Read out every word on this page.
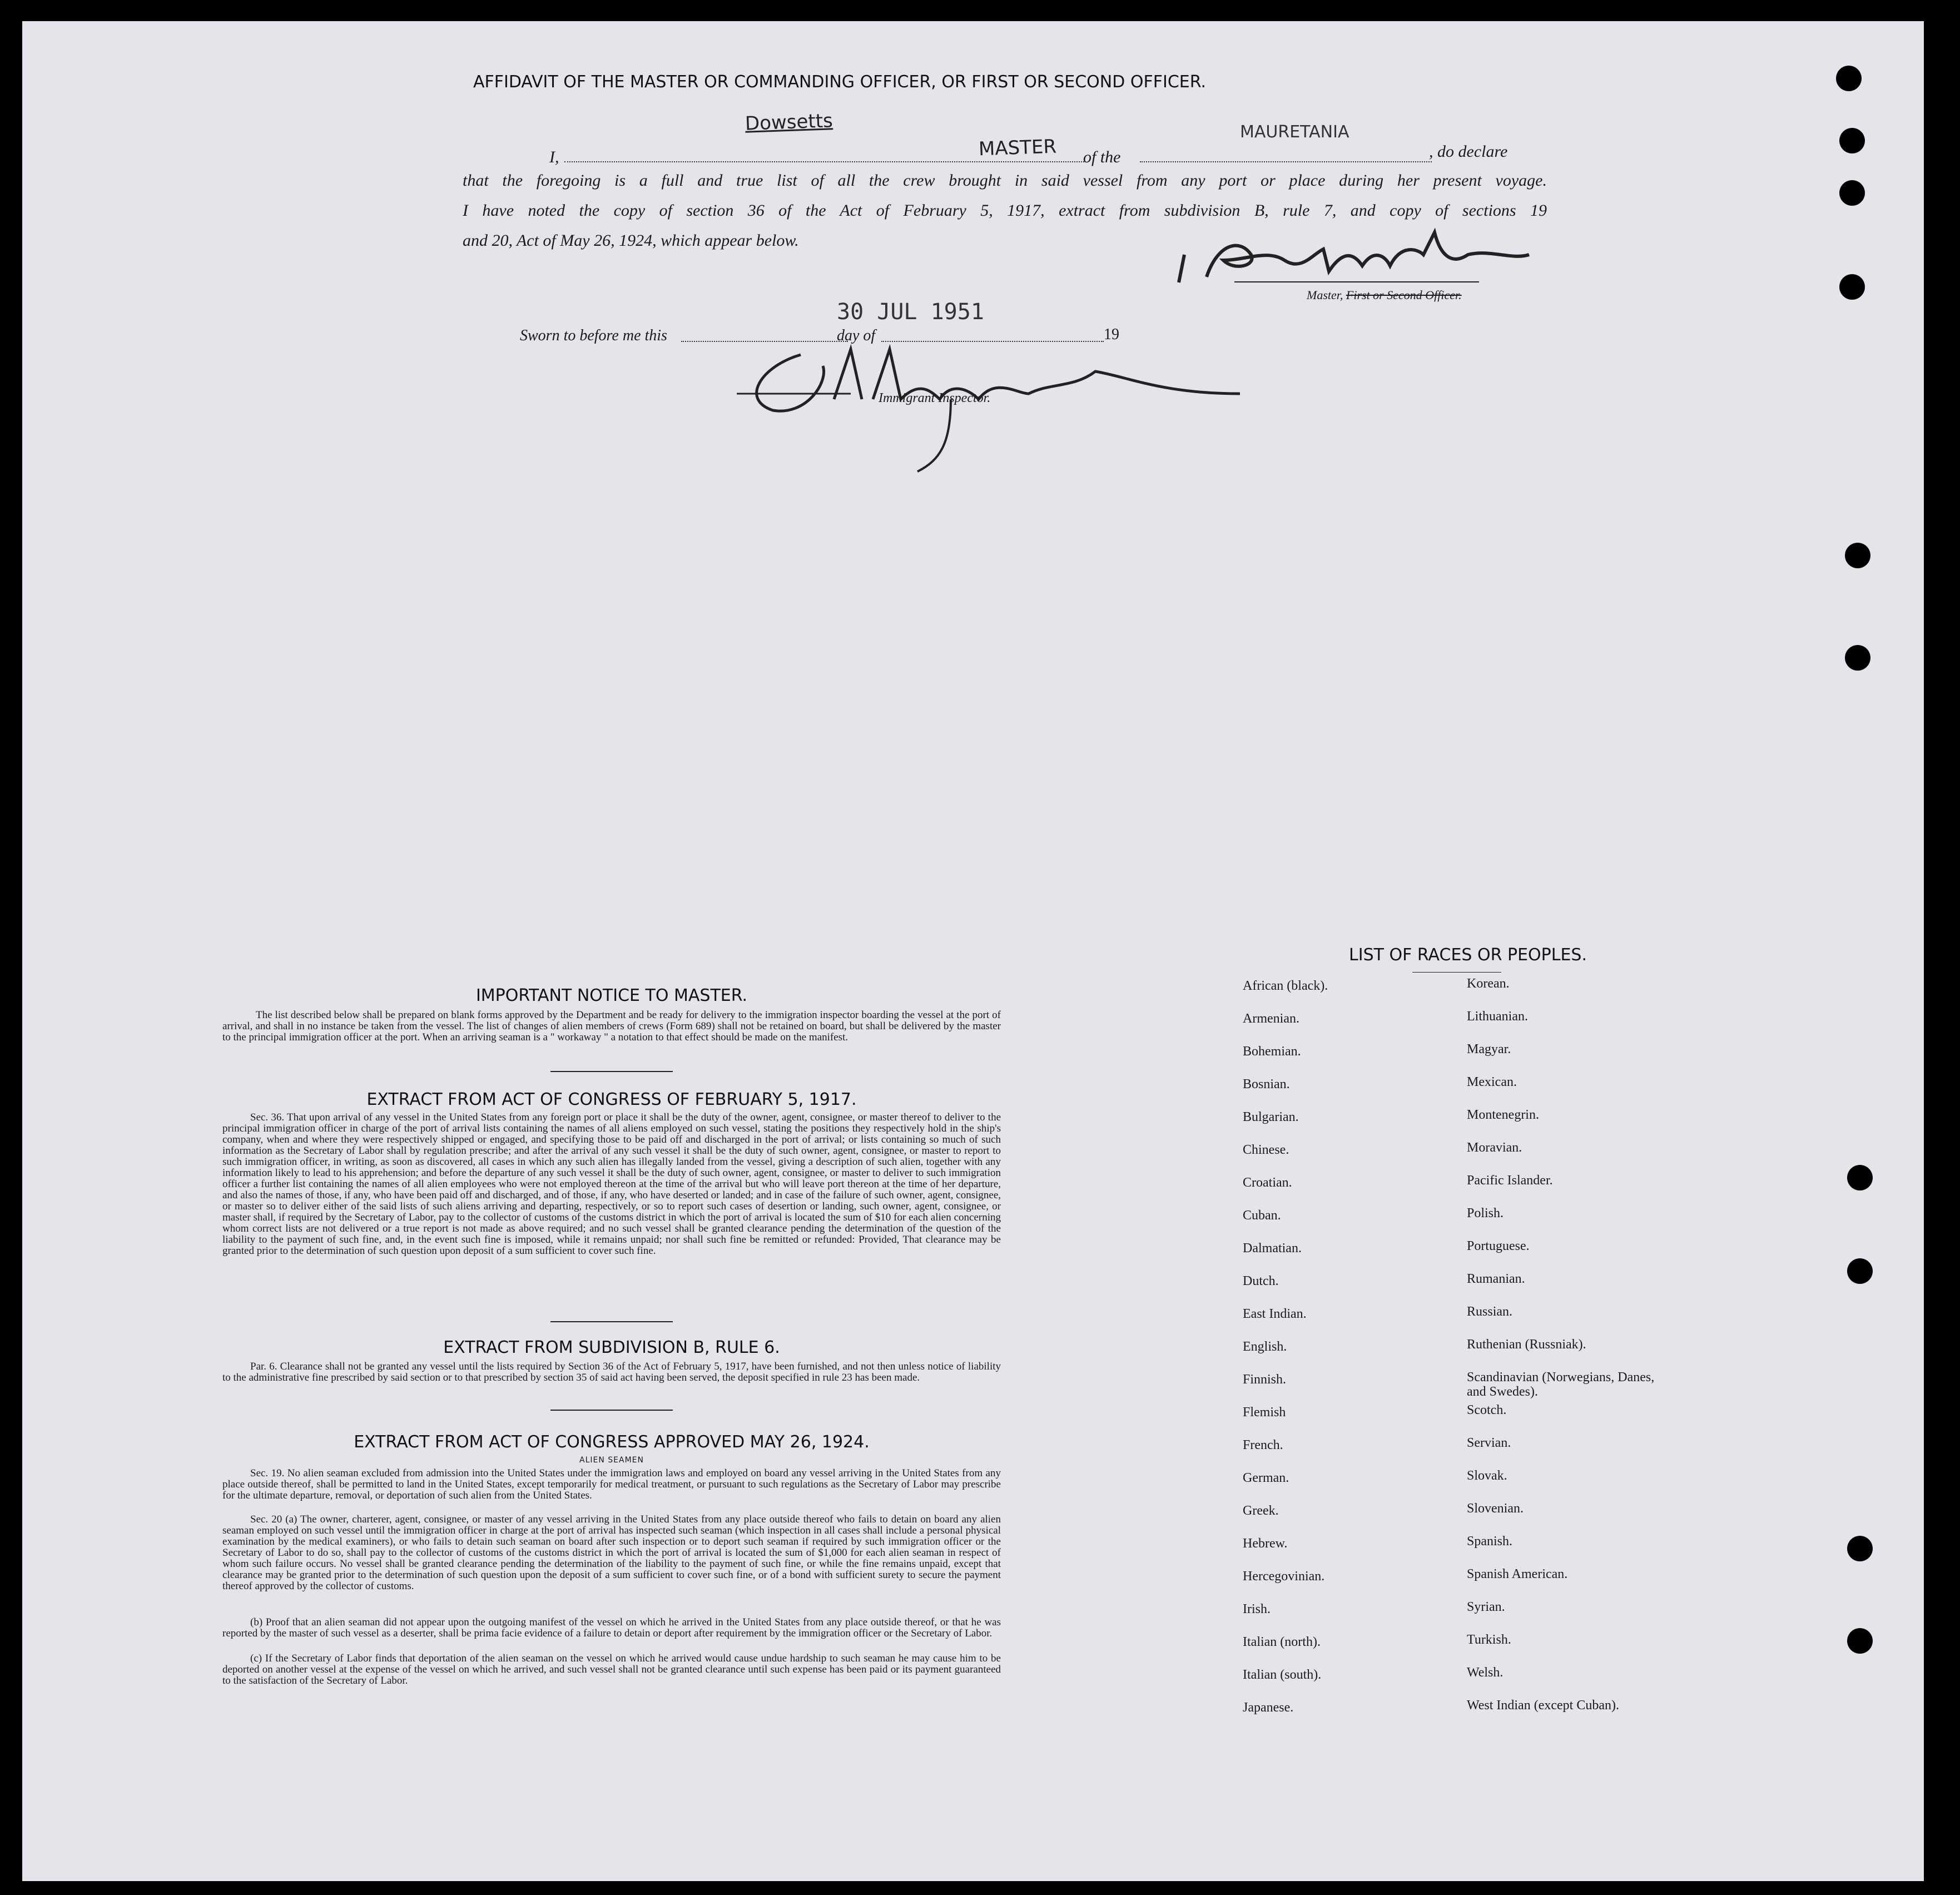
AFFIDAVIT OF THE MASTER OR COMMANDING OFFICER, OR FIRST OR SECOND OFFICER.
I,
Dowsetts
MASTER of the
MAURETANIA
, do declare
that the foregoing is a full and true list of all the crew brought in said vessel from any port or place during her present voyage.
I have noted the copy of section 36 of the Act of February 5, 1917, extract from subdivision B, rule 7, and copy of sections 19
and 20, Act of May 26, 1924, which appear below.
Master, First or Second Officer.
Sworn to before me this
30 JUL 1951
day of	19
Immigrant Inspector.
IMPORTANT NOTICE TO MASTER.
The list described below shall be prepared on blank forms approved by the Department and be ready for delivery to the immigration inspector boarding the vessel at the port of arrival, and shall in no instance be taken from the vessel. The list of changes of alien members of crews (Form 689) shall not be retained on board, but shall be delivered by the master to the principal immigration officer at the port. When an arriving seaman is a " workaway " a notation to that effect should be made on the manifest.
EXTRACT FROM ACT OF CONGRESS OF FEBRUARY 5, 1917.
Sec. 36. That upon arrival of any vessel in the United States from any foreign port or place it shall be the duty of the owner, agent, consignee, or master thereof to deliver to the principal immigration officer in charge of the port of arrival lists containing the names of all aliens employed on such vessel, stating the positions they respectively hold in the ship's company, when and where they were respectively shipped or engaged, and specifying those to be paid off and discharged in the port of arrival; or lists containing so much of such information as the Secretary of Labor shall by regulation prescribe; and after the arrival of any such vessel it shall be the duty of such owner, agent, consignee, or master to report to such immigration officer, in writing, as soon as discovered, all cases in which any such alien has illegally landed from the vessel, giving a description of such alien, together with any information likely to lead to his apprehension; and before the departure of any such vessel it shall be the duty of such owner, agent, consignee, or master to deliver to such immigration officer a further list containing the names of all alien employees who were not employed thereon at the time of the arrival but who will leave port thereon at the time of her departure, and also the names of those, if any, who have been paid off and discharged, and of those, if any, who have deserted or landed; and in case of the failure of such owner, agent, consignee, or master so to deliver either of the said lists of such aliens arriving and departing, respectively, or so to report such cases of desertion or landing, such owner, agent, consignee, or master shall, if required by the Secretary of Labor, pay to the collector of customs of the customs district in which the port of arrival is located the sum of $10 for each alien concerning whom correct lists are not delivered or a true report is not made as above required; and no such vessel shall be granted clearance pending the determination of the question of the liability to the payment of such fine, and, in the event such fine is imposed, while it remains unpaid; nor shall such fine be remitted or refunded: Provided, That clearance may be granted prior to the determination of such question upon deposit of a sum sufficient to cover such fine.
EXTRACT FROM SUBDIVISION B, RULE 6.
Par. 6. Clearance shall not be granted any vessel until the lists required by Section 36 of the Act of February 5, 1917, have been furnished, and not then unless notice of liability to the administrative fine prescribed by said section or to that prescribed by section 35 of said act having been served, the deposit specified in rule 23 has been made.
EXTRACT FROM ACT OF CONGRESS APPROVED MAY 26, 1924.
ALIEN SEAMEN
Sec. 19. No alien seaman excluded from admission into the United States under the immigration laws and employed on board any vessel arriving in the United States from any place outside thereof, shall be permitted to land in the United States, except temporarily for medical treatment, or pursuant to such regulations as the Secretary of Labor may prescribe for the ultimate departure, removal, or deportation of such alien from the United States.
Sec. 20 (a) The owner, charterer, agent, consignee, or master of any vessel arriving in the United States from any place outside thereof who fails to detain on board any alien seaman employed on such vessel until the immigration officer in charge at the port of arrival has inspected such seaman (which inspection in all cases shall include a personal physical examination by the medical examiners), or who fails to detain such seaman on board after such inspection or to deport such seaman if required by such immigration officer or the Secretary of Labor to do so, shall pay to the collector of customs of the customs district in which the port of arrival is located the sum of $1,000 for each alien seaman in respect of whom such failure occurs. No vessel shall be granted clearance pending the determination of the liability to the payment of such fine, or while the fine remains unpaid, except that clearance may be granted prior to the determination of such question upon the deposit of a sum sufficient to cover such fine, or of a bond with sufficient surety to secure the payment thereof approved by the collector of customs.
(b) Proof that an alien seaman did not appear upon the outgoing manifest of the vessel on which he arrived in the United States from any place outside thereof, or that he was reported by the master of such vessel as a deserter, shall be prima facie evidence of a failure to detain or deport after requirement by the immigration officer or the Secretary of Labor.
(c) If the Secretary of Labor finds that deportation of the alien seaman on the vessel on which he arrived would cause undue hardship to such seaman he may cause him to be deported on another vessel at the expense of the vessel on which he arrived, and such vessel shall not be granted clearance until such expense has been paid or its payment guaranteed to the satisfaction of the Secretary of Labor.
LIST OF RACES OR PEOPLES.
African (black).
Armenian.
Bohemian.
Bosnian.
Bulgarian.
Chinese.
Croatian.
Cuban.
Dalmatian.
Dutch.
East Indian.
English.
Finnish.
Flemish
French.
German.
Greek.
Hebrew.
Hercegovinian.
Irish.
Italian (north).
Italian (south).
Japanese.
Korean.
Lithuanian.
Magyar.
Mexican.
Montenegrin.
Moravian.
Pacific Islander.
Polish.
Portuguese.
Rumanian.
Russian.
Ruthenian (Russniak).
Scandinavian (Norwegians, Danes, and Swedes).
Scotch.
Servian.
Slovak.
Slovenian.
Spanish.
Spanish American.
Syrian.
Turkish.
Welsh.
West Indian (except Cuban).
